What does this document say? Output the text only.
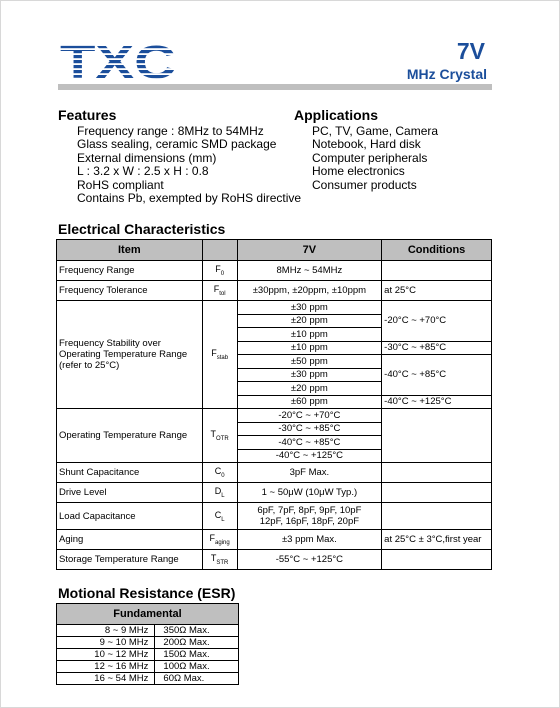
TXC	7V
MHz Crystal
Features
Frequency range : 8MHz to 54MHz
Glass sealing, ceramic SMD package
External dimensions (mm)
L : 3.2 x W : 2.5 x H : 0.8
RoHS compliant
Contains Pb, exempted by RoHS directive
Applications
PC, TV, Game, Camera
Notebook, Hard disk
Computer peripherals
Home electronics
Consumer products
Electrical Characteristics
Item		7V	Conditions
Frequency Range	$F_0$	8MHz ~ 54MHz	
Frequency Tolerance	$F_{tol}$	±30ppm, ±20ppm, ±10ppm	at 25°C

Frequency Stability over
Operating Temperature Range
(refer to 25°C)	$F_{stab}$	±30 ppm	-20°C ~ +70°C
		±20 ppm	
		±10 ppm	
		±10 ppm	-30°C ~ +85°C
		±50 ppm	-40°C ~ +85°C
		±30 ppm	
		±20 ppm	
		±60 ppm	-40°C ~ +125°C
Operating Temperature Range	$T_{OTR}$	-20°C ~ +70°C	
		-30°C ~ +85°C	
		-40°C ~ +85°C	
		-40°C ~ +125°C	
Shunt Capacitance	$C_0$	3pF Max.	
Drive Level	$D_L$	1 ~ 50μW (10μW Typ.)	
Load Capacitance	$C_L$	6pF, 7pF, 8pF, 9pF, 10pF
12pF, 16pF, 18pF, 20pF	

Aging	$F_{aging}$	±3 ppm Max.	at 25°C ± 3°C,first year
Storage Temperature Range	$T_{STR}$	-55°C ~ +125°C	
Motional Resistance (ESR)
Fundamental	
8 ~ 9 MHz	350Ω Max.
9 ~ 10 MHz	200Ω Max.
10 ~ 12 MHz	150Ω Max.
12 ~ 16 MHz	100Ω Max.
16 ~ 54 MHz	60Ω Max.
